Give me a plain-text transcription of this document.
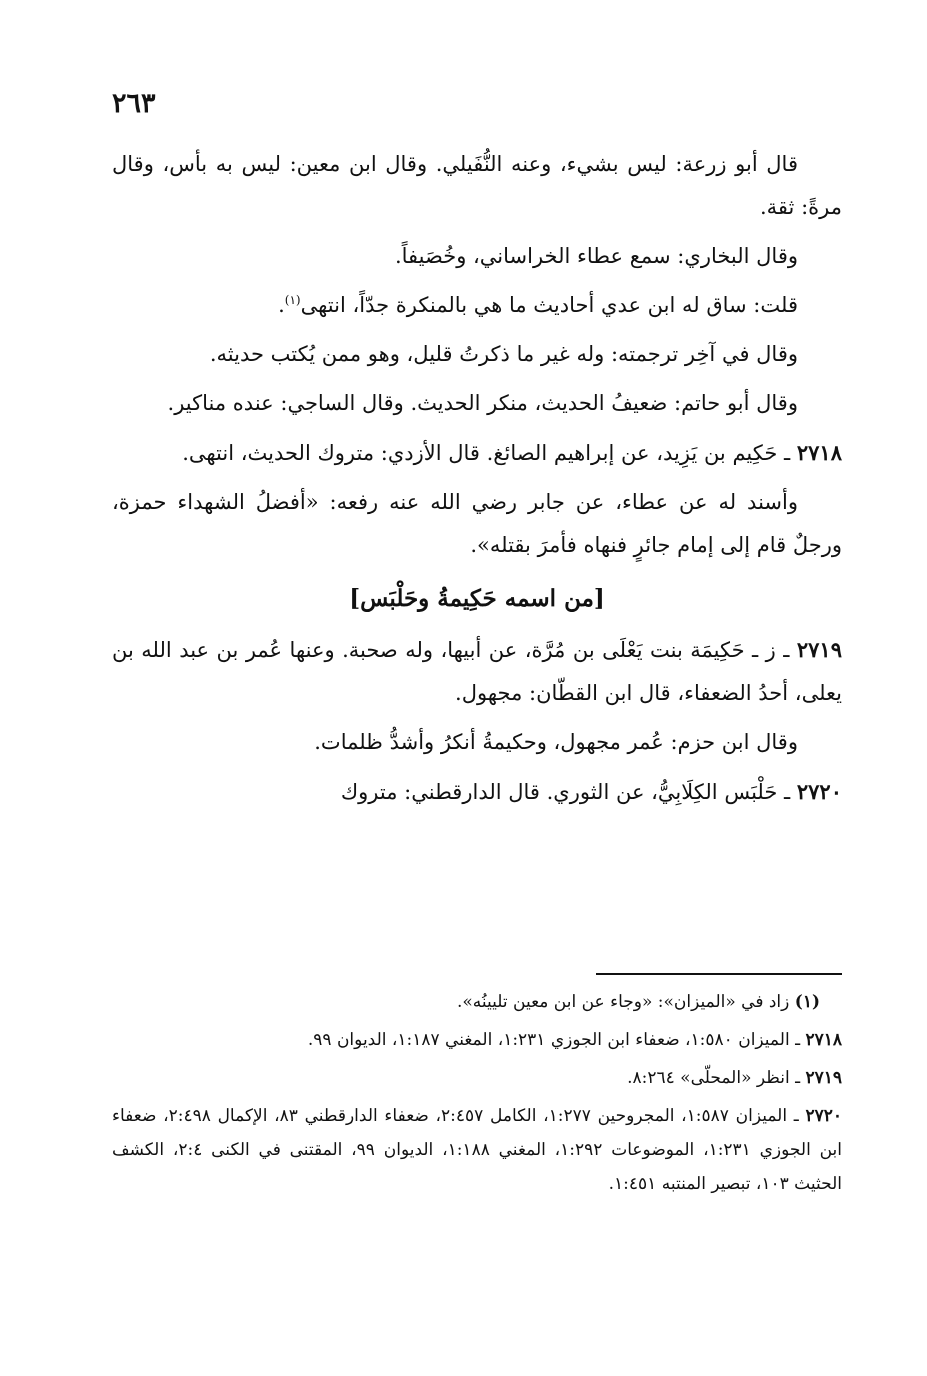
٢٦٣

قال أبو زرعة: ليس بشيء، وعنه النُّفَيلي. وقال ابن معين: ليس به بأس، وقال مرةً: ثقة.

وقال البخاري: سمع عطاء الخراساني، وخُصَيفاً.

قلت: ساق له ابن عدي أحاديث ما هي بالمنكرة جدّاً، انتهى$^{(١)}$.

وقال في آخِر ترجمته: وله غير ما ذكرتُ قليل، وهو ممن يُكتب حديثه.

وقال أبو حاتم: ضعيفُ الحديث، منكر الحديث. وقال الساجي: عنده مناكير.

٢٧١٨ ـ حَكِيم بن يَزِيد، عن إبراهيم الصائغ. قال الأزدي: متروك الحديث، انتهى.

وأسند له عن عطاء، عن جابر رضي الله عنه رفعه: «أفضلُ الشهداء حمزة، ورجلٌ قام إلى إمام جائرٍ فنهاه فأمرَ بقتله».

[من اسمه حَكِيمةُ وحَلْبَس]

٢٧١٩ ـ ز ـ حَكِيمَة بنت يَعْلَى بن مُرَّة، عن أبيها، وله صحبة. وعنها عُمر بن عبد الله بن يعلى، أحدُ الضعفاء، قال ابن القطّان: مجهول.

وقال ابن حزم: عُمر مجهول، وحكيمةُ أنكرُ وأشدُّ ظلمات.

٢٧٢٠ ـ حَلْبَس الكِلَابِيُّ، عن الثوري. قال الدارقطني: متروك

(١) زاد في «الميزان»: «وجاء عن ابن معين تليينُه».

٢٧١٨ ـ الميزان ١:٥٨٠، ضعفاء ابن الجوزي ١:٢٣١، المغني ١:١٨٧، الديوان ٩٩.

٢٧١٩ ـ انظر «المحلّى» ٨:٢٦٤.

٢٧٢٠ ـ الميزان ١:٥٨٧، المجروحين ١:٢٧٧، الكامل ٢:٤٥٧، ضعفاء الدارقطني ٨٣، الإكمال ٢:٤٩٨، ضعفاء ابن الجوزي ١:٢٣١، الموضوعات ١:٢٩٢، المغني ١:١٨٨، الديوان ٩٩، المقتنى في الكنى ٢:٤، الكشف الحثيث ١٠٣، تبصير المنتبه ١:٤٥١.
